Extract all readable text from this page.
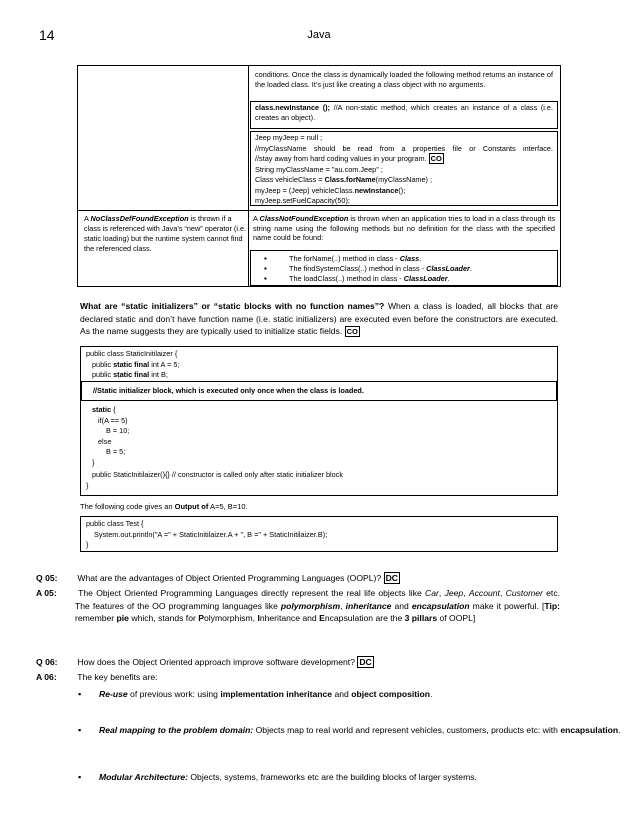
14	Java
conditions. Once the class is dynamically loaded the following method returns an instance of the loaded class. It’s just like creating a class object with no arguments.
class.newInstance (); //A non-static method, which creates an instance of a class (i.e. creates an object).
Jeep myJeep = null ;
//myClassName should be read from a properties file or Constants interface.
//stay away from hard coding values in your program. CO
String myClassName = "au.com.Jeep" ;
Class vehicleClass = Class.forName(myClassName) ;
myJeep = (Jeep) vehicleClass.newInstance();
myJeep.setFuelCapacity(50);
A NoClassDefFoundException is thrown if a class is referenced with Java’s “new” operator (i.e. static loading) but the runtime system cannot find the referenced class.
A ClassNotFoundException is thrown when an application tries to load in a class through its string name using the following methods but no definition for the class with the specified name could be found:
▪ The forName(..) method in class - Class.
▪ The findSystemClass(..) method in class - ClassLoader.
▪ The loadClass(..) method in class - ClassLoader.
What are “static initializers” or “static blocks with no function names”? When a class is loaded, all blocks that are declared static and don’t have function name (i.e. static initializers) are executed even before the constructors are executed. As the name suggests they are typically used to initialize static fields. CO
public class StaticInitilaizer {
public static final int A = 5;
public static final int B;
//Static initializer block, which is executed only once when the class is loaded.
static {
if(A == 5)
B = 10;
else
B = 5;
}
public StaticInitilaizer(){} // constructor is called only after static initializer block
}
The following code gives an Output of A=5, B=10.
public class Test {
System.out.println("A =" + StaticInitilaizer.A + ", B =" + StaticInitilaizer.B);
}
Q 05: What are the advantages of Object Oriented Programming Languages (OOPL)? DC
A 05: The Object Oriented Programming Languages directly represent the real life objects like Car, Jeep, Account, Customer etc. The features of the OO programming languages like polymorphism, inheritance and encapsulation make it powerful. [Tip: remember pie which, stands for Polymorphism, Inheritance and Encapsulation are the 3 pillars of OOPL]
Q 06: How does the Object Oriented approach improve software development? DC
A 06: The key benefits are:
▪ Re-use of previous work: using implementation inheritance and object composition.
▪ Real mapping to the problem domain: Objects map to real world and represent vehicles, customers, products etc: with encapsulation.
▪ Modular Architecture: Objects, systems, frameworks etc are the building blocks of larger systems.
